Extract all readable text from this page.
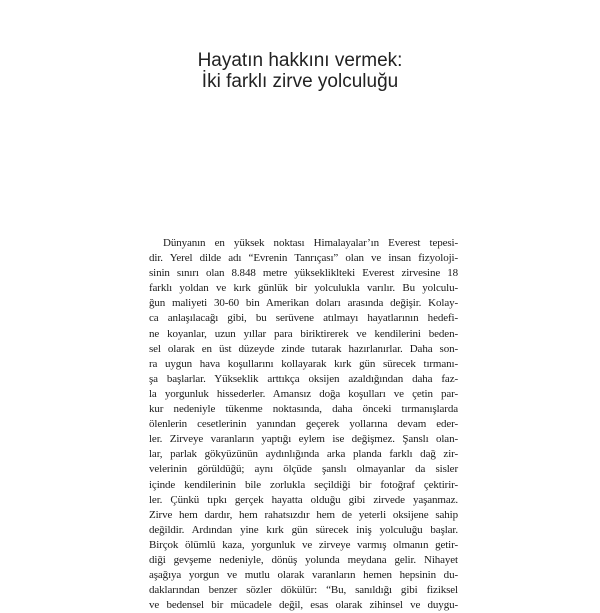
Hayatın hakkını vermek:
İki farklı zirve yolculuğu
Dünyanın en yüksek noktası Himalayalar’ın Everest tepesi-
dir. Yerel dilde adı “Evrenin Tanrıçası” olan ve insan fizyoloji-
sinin sınırı olan 8.848 metre yüksekliklteki Everest zirvesine 18
farklı yoldan ve kırk günlük bir yolculukla varılır. Bu yolculu-
ğun maliyeti 30-60 bin Amerikan doları arasında değişir. Kolay-
ca anlaşılacağı gibi, bu serüvene atılmayı hayatlarının hedefi-
ne koyanlar, uzun yıllar para biriktirerek ve kendilerini beden-
sel olarak en üst düzeyde zinde tutarak hazırlanırlar. Daha son-
ra uygun hava koşullarını kollayarak kırk gün sürecek tırmanı-
şa başlarlar. Yükseklik arttıkça oksijen azaldığından daha faz-
la yorgunluk hissederler. Amansız doğa koşulları ve çetin par-
kur nedeniyle tükenme noktasında, daha önceki tırmanışlarda
ölenlerin cesetlerinin yanından geçerek yollarına devam eder-
ler. Zirveye varanların yaptığı eylem ise değişmez. Şanslı olan-
lar, parlak gökyüzünün aydınlığında arka planda farklı dağ zir-
velerinin görüldüğü; aynı ölçüde şanslı olmayanlar da sisler
içinde kendilerinin bile zorlukla seçildiği bir fotoğraf çektirir-
ler. Çünkü tıpkı gerçek hayatta olduğu gibi zirvede yaşanmaz.
Zirve hem dardır, hem rahatsızdır hem de yeterli oksijene sahip
değildir. Ardından yine kırk gün sürecek iniş yolculuğu başlar.
Birçok ölümlü kaza, yorgunluk ve zirveye varmış olmanın getir-
diği gevşeme nedeniyle, dönüş yolunda meydana gelir. Nihayet
aşağıya yorgun ve mutlu olarak varanların hemen hepsinin du-
daklarından benzer sözler dökülür: “Bu, sanıldığı gibi fiziksel
ve bedensel bir mücadele değil, esas olarak zihinsel ve duygu-
